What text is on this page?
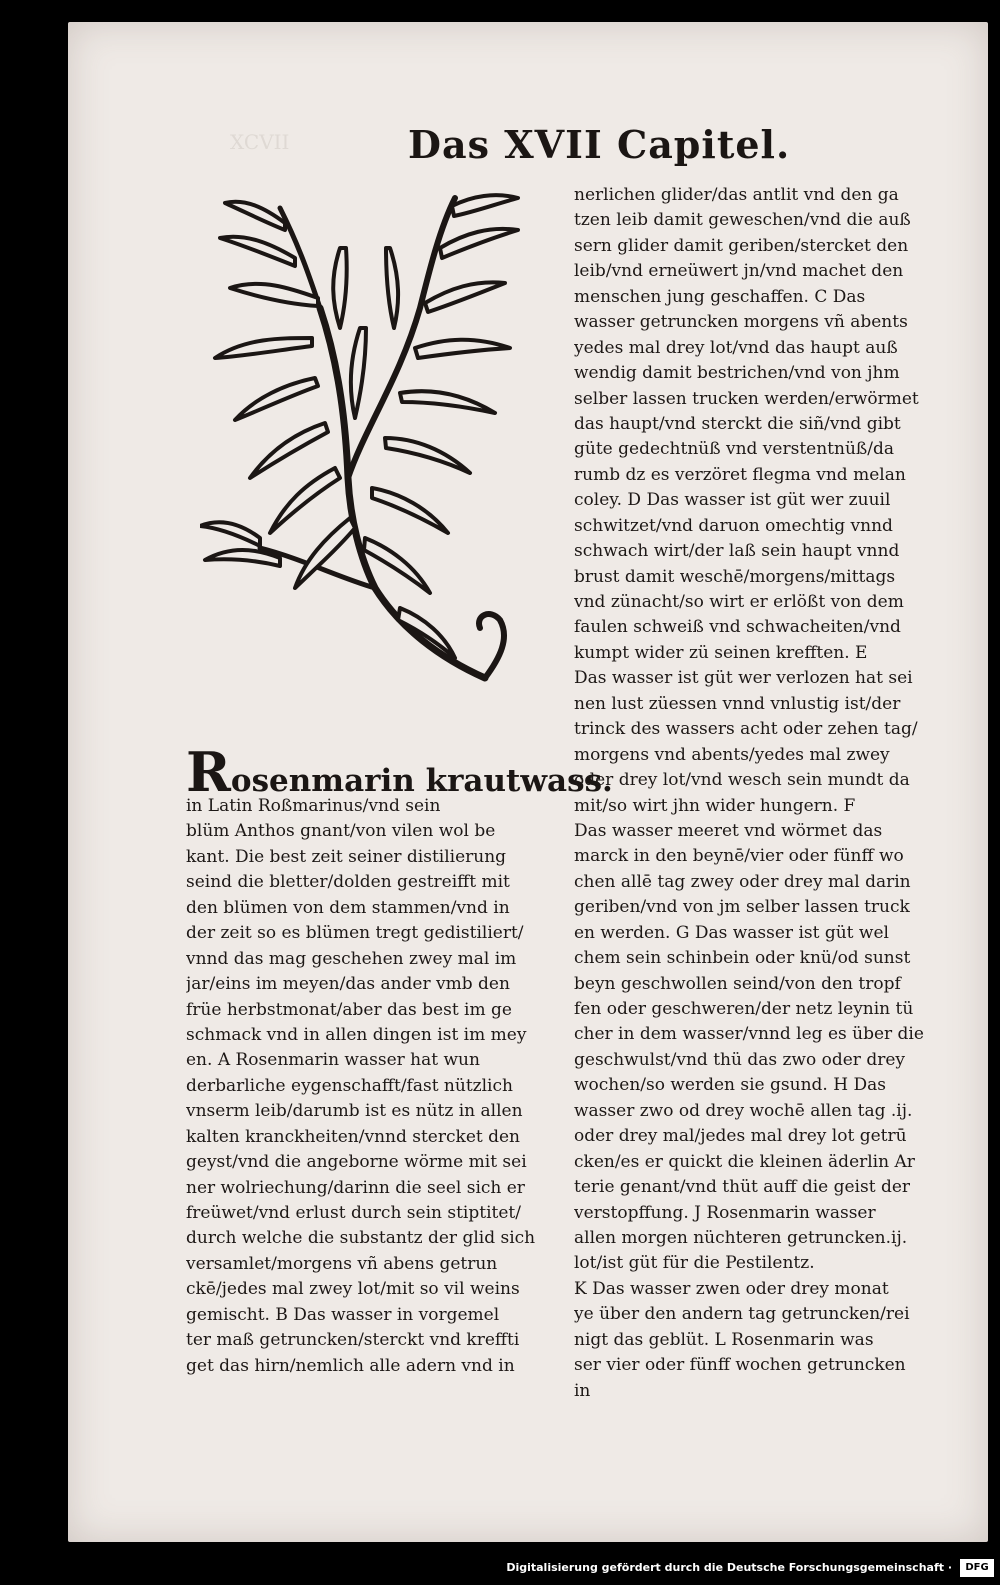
Das XVII Capitel.
Rosenmarin krautwass.
nerlichen glider/das antlit vnd den ga
tzen leib damit geweschen/vnd die auß
sern glider damit geriben/stercket den
leib/vnd erneüwert jn/vnd machet den
menschen jung geschaffen. C Das
wasser getruncken morgens vñ abents
yedes mal drey lot/vnd das haupt auß
wendig damit bestrichen/vnd von jhm
selber lassen trucken werden/erwörmet
das haupt/vnd sterckt die siñ/vnd gibt
güte gedechtnüß vnd verstentnüß/da
rumb dz es verzöret flegma vnd melan
coley. D Das wasser ist güt wer zuuil
schwitzet/vnd daruon omechtig vnnd
schwach wirt/der laß sein haupt vnnd
brust damit weschē/morgens/mittags
vnd zünacht/so wirt er erlößt von dem
faulen schweiß vnd schwacheiten/vnd
kumpt wider zü seinen krefften. E
Das wasser ist güt wer verlozen hat sei
nen lust züessen vnnd vnlustig ist/der
trinck des wassers acht oder zehen tag/
morgens vnd abents/yedes mal zwey
oder drey lot/vnd wesch sein mundt da
mit/so wirt jhn wider hungern. F
Das wasser meeret vnd wörmet das
marck in den beynē/vier oder fünff wo
chen allē tag zwey oder drey mal darin
geriben/vnd von jm selber lassen truck
en werden. G Das wasser ist güt wel
chem sein schinbein oder knü/od sunst
beyn geschwollen seind/von den tropf
fen oder geschweren/der netz leynin tü
cher in dem wasser/vnnd leg es über die
geschwulst/vnd thü das zwo oder drey
wochen/so werden sie gsund. H Das
wasser zwo od drey wochē allen tag .ij.
oder drey mal/jedes mal drey lot getrū
cken/es er quickt die kleinen äderlin Ar
terie genant/vnd thüt auff die geist der
verstopffung. J Rosenmarin wasser
allen morgen nüchteren getruncken.ij.
lot/ist güt für die Pestilentz.
K Das wasser zwen oder drey monat
ye über den andern tag getruncken/rei
nigt das geblüt. L Rosenmarin was
ser vier oder fünff wochen getruncken
in
in Latin Roßmarinus/vnd sein
blüm Anthos gnant/von vilen wol be
kant. Die best zeit seiner distilierung
seind die bletter/dolden gestreifft mit
den blümen von dem stammen/vnd in
der zeit so es blümen tregt gedistiliert/
vnnd das mag geschehen zwey mal im
jar/eins im meyen/das ander vmb den
früe herbstmonat/aber das best im ge
schmack vnd in allen dingen ist im mey
en. A Rosenmarin wasser hat wun
derbarliche eygenschafft/fast nützlich
vnserm leib/darumb ist es nütz in allen
kalten kranckheiten/vnnd stercket den
geyst/vnd die angeborne wörme mit sei
ner wolriechung/darinn die seel sich er
freüwet/vnd erlust durch sein stiptitet/
durch welche die substantz der glid sich
versamlet/morgens vñ abens getrun
ckē/jedes mal zwey lot/mit so vil weins
gemischt. B Das wasser in vorgemel
ter maß getruncken/sterckt vnd kreffti
get das hirn/nemlich alle adern vnd in
Digitalisierung gefördert durch die Deutsche Forschungsgemeinschaft ·	DFG
